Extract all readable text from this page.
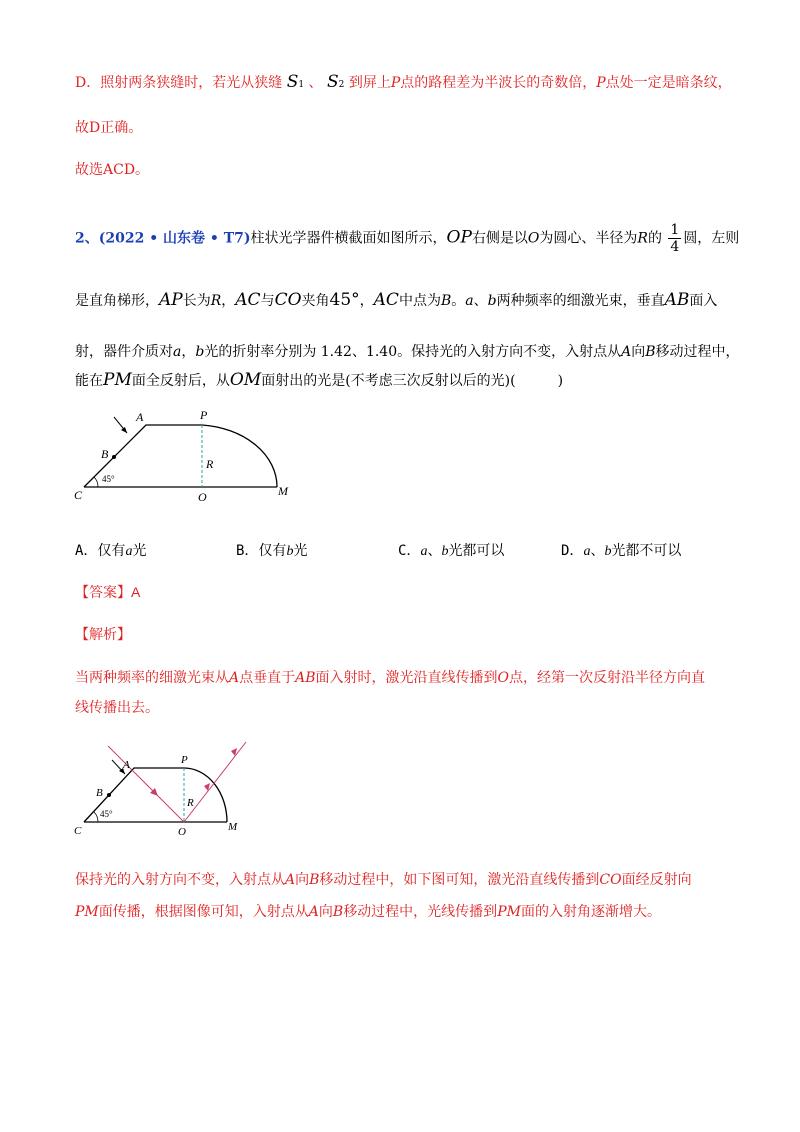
D．照射两条狭缝时，若光从狭缝 S1 、 S2 到屏上P点的路程差为半波长的奇数倍，P点处一定是暗条纹，
故D正确。
故选ACD。
2、(2022 • 山东卷 • T7)柱状光学器件横截面如图所示，OP右侧是以O为圆心、半径为R的 $\frac{1}{4}$ 圆，左则
是直角梯形，AP长为R，AC与CO夹角45°，AC中点为B。a、b两种频率的细激光束，垂直AB面入
射，器件介质对a，b光的折射率分别为 1.42、1.40。保持光的入射方向不变，入射点从A向B移动过程中，
能在PM面全反射后，从OM面射出的光是(不考虑三次反射以后的光)(　　　)
A	P
B
R
45°
C	O	M
A．仅有a光	B．仅有b光	C．a、b光都可以	D．a、b光都不可以
【答案】A
【解析】
当两种频率的细激光束从A点垂直于AB面入射时，激光沿直线传播到O点，经第一次反射沿半径方向直
线传播出去。
A	P
B
R
45°
C	O	M
保持光的入射方向不变，入射点从A向B移动过程中，如下图可知，激光沿直线传播到CO面经反射向
PM面传播，根据图像可知，入射点从A向B移动过程中，光线传播到PM面的入射角逐渐增大。
